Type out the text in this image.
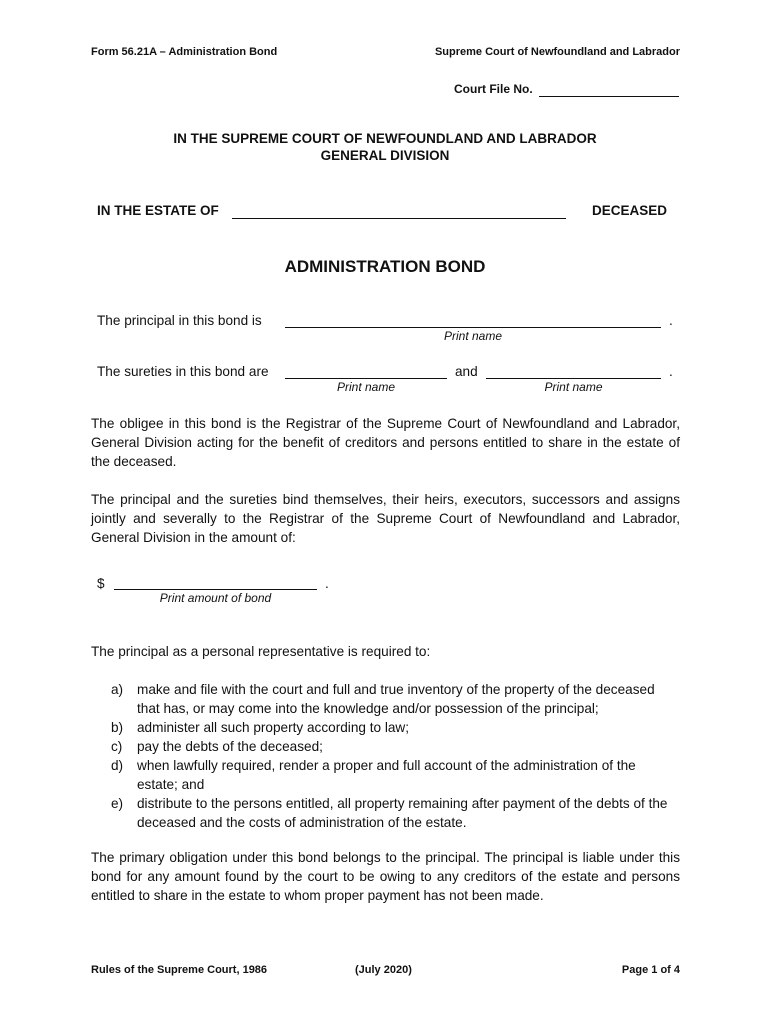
Form 56.21A – Administration Bond	Supreme Court of Newfoundland and Labrador
Court File No.
IN THE SUPREME COURT OF NEWFOUNDLAND AND LABRADOR
GENERAL DIVISION
IN THE ESTATE OF	DECEASED
ADMINISTRATION BOND
The principal in this bond is	.
Print name
The sureties in this bond are	and	.
Print name	Print name
The obligee in this bond is the Registrar of the Supreme Court of Newfoundland and Labrador, General Division acting for the benefit of creditors and persons entitled to share in the estate of the deceased.
The principal and the sureties bind themselves, their heirs, executors, successors and assigns jointly and severally to the Registrar of the Supreme Court of Newfoundland and Labrador, General Division in the amount of:
$	.
Print amount of bond
The principal as a personal representative is required to:
a) make and file with the court and full and true inventory of the property of the deceased that has, or may come into the knowledge and/or possession of the principal;
b) administer all such property according to law;
c) pay the debts of the deceased;
d) when lawfully required, render a proper and full account of the administration of the estate; and
e) distribute to the persons entitled, all property remaining after payment of the debts of the deceased and the costs of administration of the estate.
The primary obligation under this bond belongs to the principal. The principal is liable under this bond for any amount found by the court to be owing to any creditors of the estate and persons entitled to share in the estate to whom proper payment has not been made.
Rules of the Supreme Court, 1986	(July 2020)	Page 1 of 4
